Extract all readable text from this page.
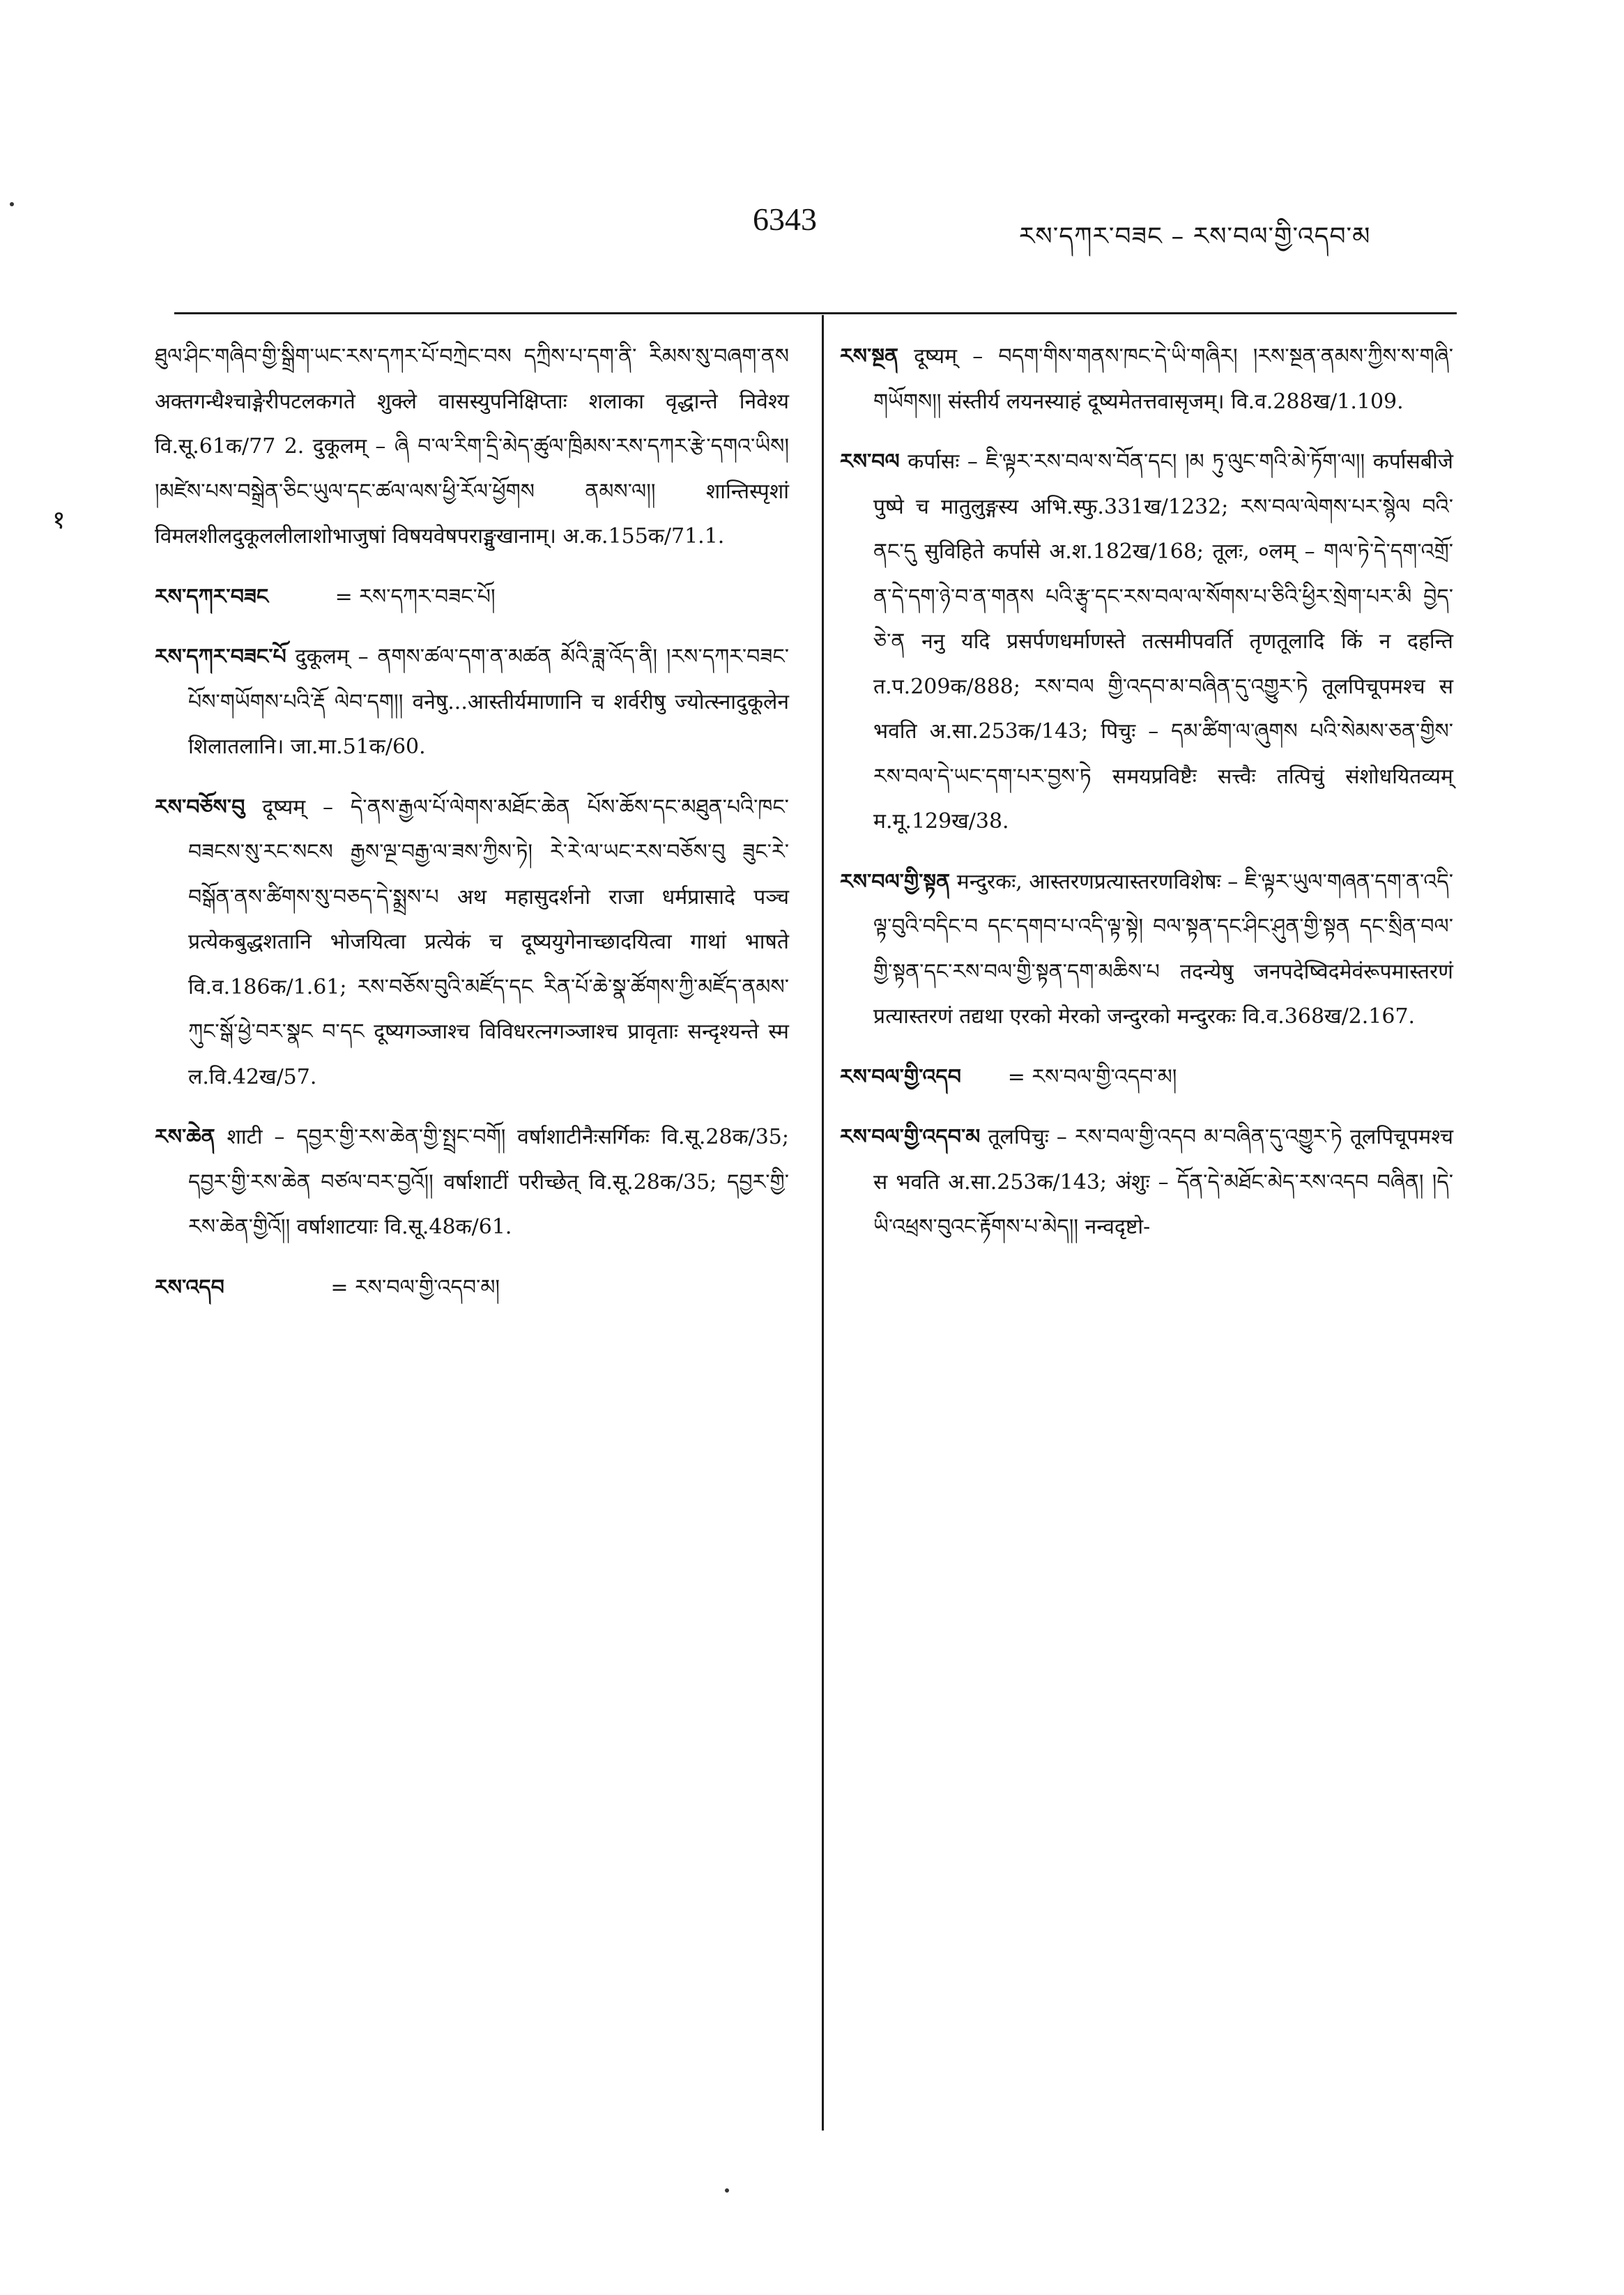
6343	རས་དཀར་བཟང – རས་བལ་གྱི་འདབ་མ
१

ཐུལ་ཤིང་གཞིབ་གྱི་སྒྲིག་ཡང་རས་དཀར་པོ་བཀྲེང་བས དཀྲིས་པ་དག་ནི་ རིམས་སུ་བཞག་ནས अक्तगन्धैश्चाङ्गेरीपटलकगते शुक्ले वासस्युपनिक्षिप्ताः शलाका वृद्धान्ते निवेश्य वि.सू.61क/77 2. दुकूलम् – ཞི བ་ལ་རིག་དྲི་མེད་ཚུལ་ཁྲིམས་རས་དཀར་རྩེ་དགའ་ཡིས། །མཛེས་པས་བསྒྲེན་ཅིང་ཡུལ་དང་ཚལ་ལས་ཕྱི་རོལ་ཕྱོགས ནམས་ལ།། शान्तिस्पृशां विमलशीलदुकूललीलाशोभाजुषां विषयवेषपराङ्मुखानाम्। अ.क.155क/71.1.

རས་དཀར་བཟང	= རས་དཀར་བཟང་པོ།

རས་དཀར་བཟང་པོ दुकूलम् – ནགས་ཚལ་དག་ན་མཚན མོའི་ཟླ་འོད་ནི། །རས་དཀར་བཟང་པོས་གཡོགས་པའི་རྡོ ལེབ་དག།། वनेषु...आस्तीर्यमाणानि च शर्वरीषु ज्योत्स्नादुकूलेन शिलातलानि। जा.मा.51क/60.

རས་བཅོས་བུ दूष्यम् – དེ་ནས་རྒྱལ་པོ་ལེགས་མཐོང་ཆེན པོས་ཆོས་དང་མཐུན་པའི་ཁང་བཟངས་སུ་རང་སངས རྒྱས་ལྔ་བརྒྱ་ལ་ཟས་ཀྱིས་ཏེ། རེ་རེ་ལ་ཡང་རས་བཅོས་བུ ཟུང་རེ་བསྒོན་ནས་ཚིགས་སུ་བཅད་དེ་སྨྲས་པ अथ महासुदर्शनो राजा धर्मप्रासादे पञ्च प्रत्येकबुद्धशतानि भोजयित्वा प्रत्येकं च दूष्ययुगेनाच्छादयित्वा गाथां भाषते वि.व.186क/1.61; རས་བཅོས་བུའི་མཛོད་དང རིན་པོ་ཆེ་སྣ་ཚོགས་ཀྱི་མཛོད་ནམས་ཀུང་སྒོ་ཕྱེ་བར་སྣང བ་དང दूष्यगञ्जाश्च विविधरत्नगञ्जाश्च प्रावृताः सन्दृश्यन्ते स्म ल.वि.42ख/57.

རས་ཆེན शाटी – དབྱར་གྱི་རས་ཆེན་གྱི་སྤྲང་བགོ། वर्षाशाटीनैःसर्गिकः वि.सू.28क/35; དབྱར་གྱི་རས་ཆེན བཙལ་བར་བྱའོ།། वर्षाशाटीं परीच्छेत् वि.सू.28क/35; དབྱར་གྱི་རས་ཆེན་གྱིའོ།། वर्षाशाटयाः वि.सू.48क/61.

རས་འདབ	= རས་བལ་གྱི་འདབ་མ།

རས་སྔན दूष्यम् – བདག་གིས་གནས་ཁང་དེ་ཡི་གཞིར། །རས་སྔན་ནམས་ཀྱིས་ས་གཞི་གཡོགས།། संस्तीर्य लयनस्याहं दूष्यमेतत्तवासृजम्। वि.व.288ख/1.109.

རས་བལ कर्पासः – ཇི་ལྟར་རས་བལ་ས་བོན་དང། །མ ཏུ་ལུང་གའི་མེ་ཏོག་ལ།། कर्पासबीजे पुष्पे च मातुलुङ्गस्य अभि.स्फु.331ख/1232; རས་བལ་ལེགས་པར་སྙེལ བའི་ནང་དུ सुविहिते कर्पासे अ.श.182ख/168; तूलः, ०लम् – གལ་ཏེ་དེ་དག་འགྲོ་ན་དེ་དག་ཉེ་བ་ན་གནས པའི་རྩྭ་དང་རས་བལ་ལ་སོགས་པ་ཅིའི་ཕྱིར་སྲེག་པར་མི བྱེད་ཅེ་ན ननु यदि प्रसर्पणधर्माणस्ते तत्समीपवर्ति तृणतूलादि किं न दहन्ति त.प.209क/888; རས་བལ གྱི་འདབ་མ་བཞིན་དུ་འགྱུར་ཏེ तूलपिचूपमश्च स भवति अ.सा.253क/143; पिचुः – དམ་ཚིག་ལ་ཞུགས པའི་སེམས་ཅན་གྱིས་རས་བལ་དེ་ཡང་དག་པར་བྱས་ཏེ समयप्रविष्टैः सत्त्वैः तत्पिचुं संशोधयितव्यम् म.मू.129ख/38.

རས་བལ་གྱི་སྟན मन्दुरकः, आस्तरणप्रत्यास्तरणविशेषः – ཇི་ལྟར་ཡུལ་གཞན་དག་ན་འདི་ལྟ་བུའི་བདིང་བ དང་དགབ་པ་འདི་ལྟ་སྟེ། བལ་སྟན་དང་ཤིང་ཤུན་གྱི་སྟན དང་སྲིན་བལ་གྱི་སྟན་དང་རས་བལ་གྱི་སྟན་དག་མཆིས་པ तदन्येषु जनपदेष्विदमेवंरूपमास्तरणं प्रत्यास्तरणं तद्यथा एरको मेरको जन्दुरको मन्दुरकः वि.व.368ख/2.167.

རས་བལ་གྱི་འདབ = རས་བལ་གྱི་འདབ་མ།

རས་བལ་གྱི་འདབ་མ तूलपिचुः – རས་བལ་གྱི་འདབ མ་བཞིན་དུ་འགྱུར་ཏེ तूलपिचूपमश्च स भवति अ.सा.253क/143; अंशुः – དོན་དེ་མཐོང་མེད་རས་འདབ བཞིན། །དེ་ཡི་འཕྲས་བུའང་རྟོགས་པ་མེད།། नन्वदृष्टो-
